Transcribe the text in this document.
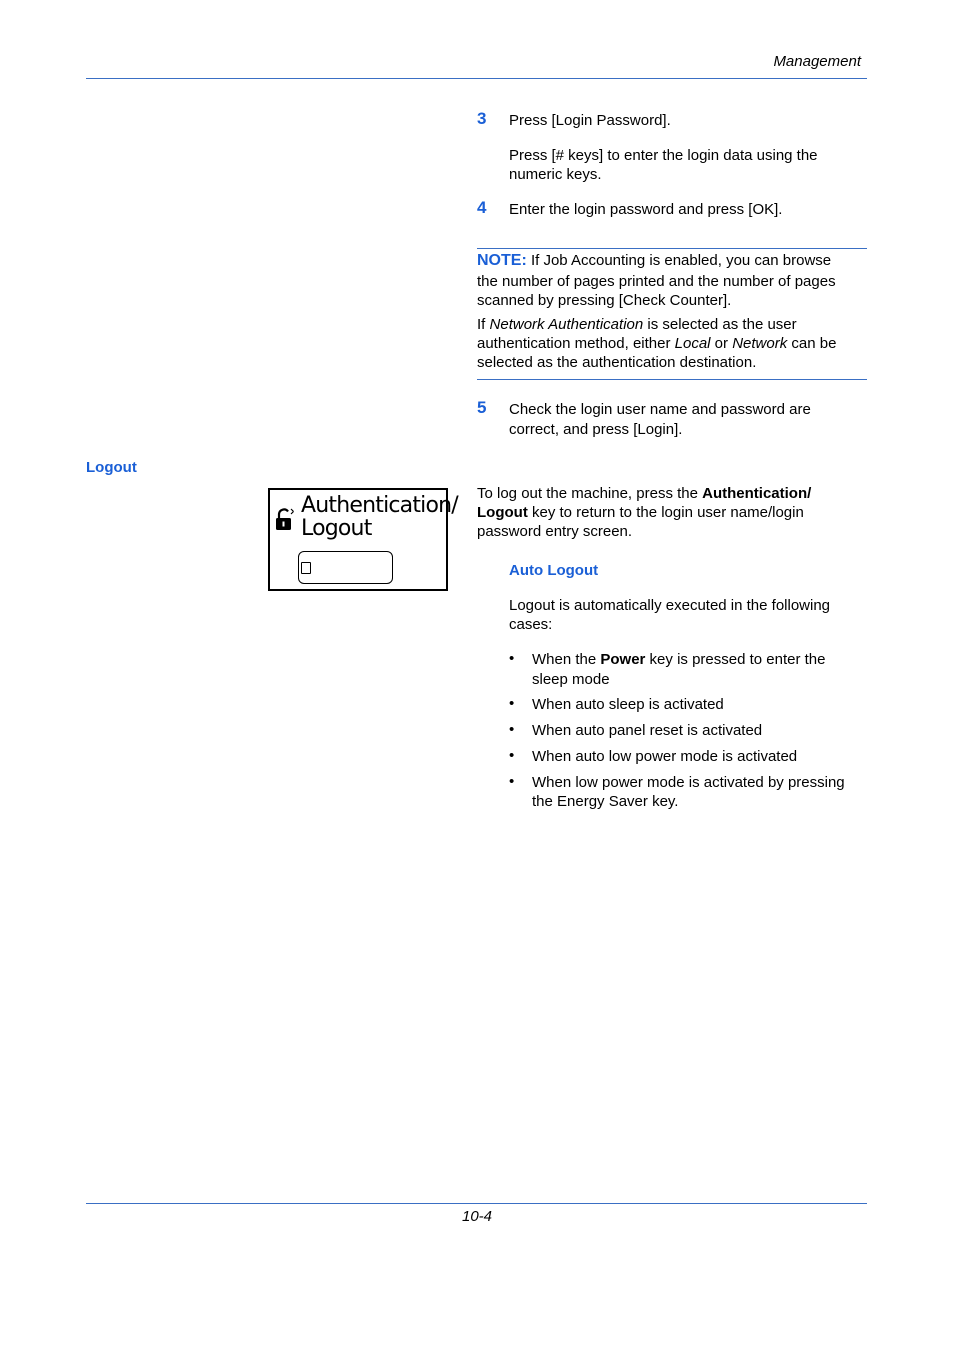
Management
3 Press [Login Password].
Press [# keys] to enter the login data using the
numeric keys.
4 Enter the login password and press [OK].
NOTE: If Job Accounting is enabled, you can browse
the number of pages printed and the number of pages
scanned by pressing [Check Counter].
If Network Authentication is selected as the user
authentication method, either Local or Network can be
selected as the authentication destination.
5 Check the login user name and password are
correct, and press [Login].
Logout
Authentication/
Logout
To log out the machine, press the Authentication/
Logout key to return to the login user name/login
password entry screen.
Auto Logout
Logout is automatically executed in the following
cases:
• When the Power key is pressed to enter the
sleep mode
• When auto sleep is activated
• When auto panel reset is activated
• When auto low power mode is activated
• When low power mode is activated by pressing
the Energy Saver key.
10-4
